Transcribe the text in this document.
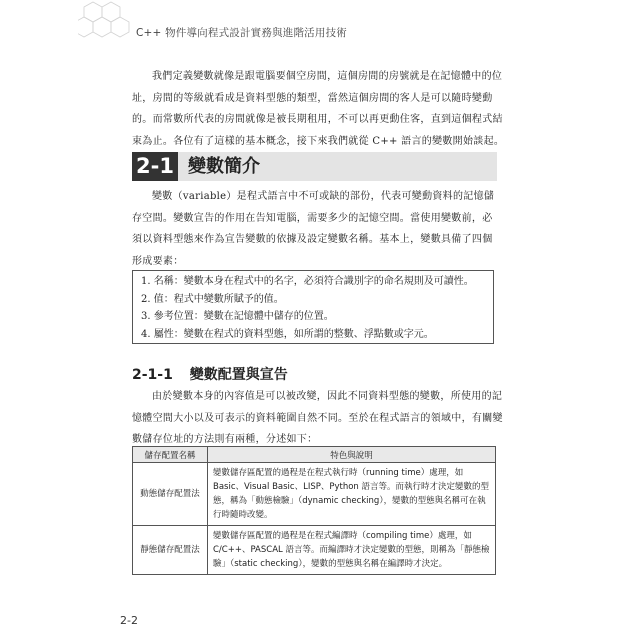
C++ 物件導向程式設計實務與進階活用技術

我們定義變數就像是跟電腦要個空房間，這個房間的房號就是在記憶體中的位址，房間的等級就看成是資料型態的類型，當然這個房間的客人是可以隨時變動的。而常數所代表的房間就像是被長期租用，不可以再更動住客，直到這個程式結束為止。各位有了這樣的基本概念，接下來我們就從 C++ 語言的變數開始談起。

2-1 變數簡介

變數（variable）是程式語言中不可或缺的部份，代表可變動資料的記憶儲存空間。變數宣告的作用在告知電腦，需要多少的記憶空間。當使用變數前，必須以資料型態來作為宣告變數的依據及設定變數名稱。基本上，變數具備了四個形成要素：

1. 名稱：變數本身在程式中的名字，必須符合識別字的命名規則及可讀性。
2. 值：程式中變數所賦予的值。
3. 參考位置：變數在記憶體中儲存的位置。
4. 屬性：變數在程式的資料型態，如所謂的整數、浮點數或字元。
2-1-1 變數配置與宣告

由於變數本身的內容值是可以被改變，因此不同資料型態的變數，所使用的記憶體空間大小以及可表示的資料範圍自然不同。至於在程式語言的領域中，有關變數儲存位址的方法則有兩種，分述如下：

儲存配置名稱	特色與說明
動態儲存配置法	變數儲存區配置的過程是在程式執行時（running time）處理，如 Basic、Visual Basic、LISP、Python 語言等。而執行時才決定變數的型態，稱為「動態檢驗」（dynamic checking），變數的型態與名稱可在執行時隨時改變。
靜態儲存配置法	變數儲存區配置的過程是在程式編譯時（compiling time）處理，如 C/C++、PASCAL 語言等。而編譯時才決定變數的型態，則稱為「靜態檢驗」（static checking），變數的型態與名稱在編譯時才決定。
2-2
